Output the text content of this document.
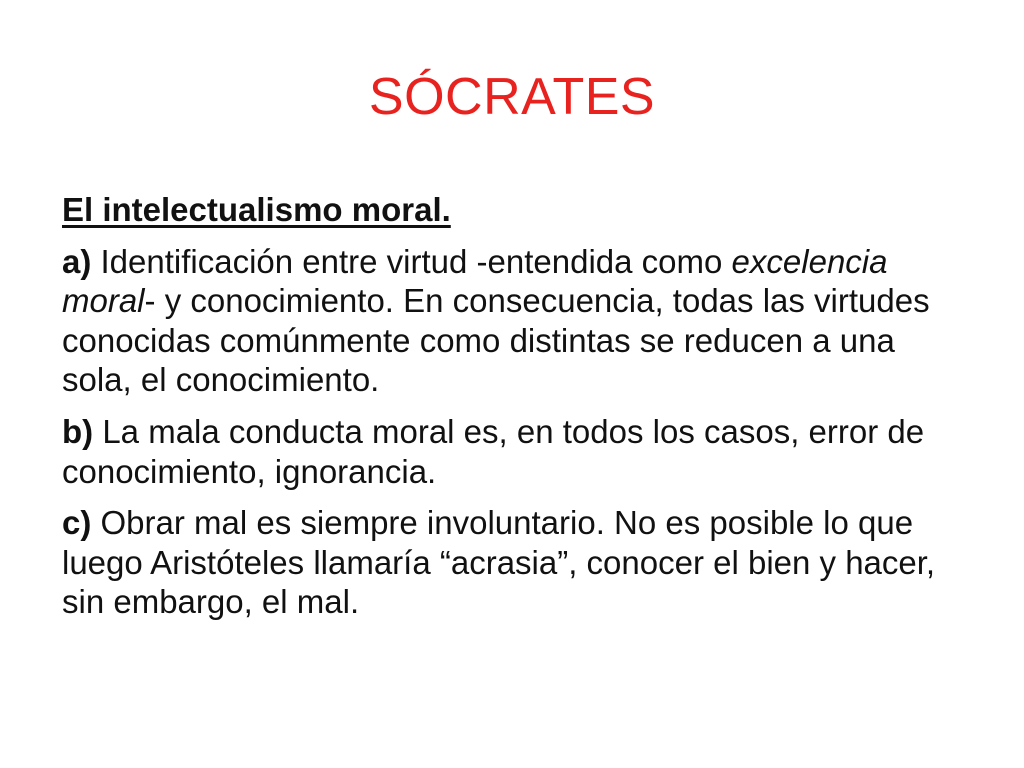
SÓCRATES

El intelectualismo moral.

a) Identificación entre virtud -entendida como excelencia moral- y conocimiento. En consecuencia, todas las virtudes conocidas comúnmente como distintas se reducen a una sola, el conocimiento.

b) La mala conducta moral es, en todos los casos, error de conocimiento, ignorancia.

c) Obrar mal es siempre involuntario. No es posible lo que luego Aristóteles llamaría “acrasia”, conocer el bien y hacer, sin embargo, el mal.
